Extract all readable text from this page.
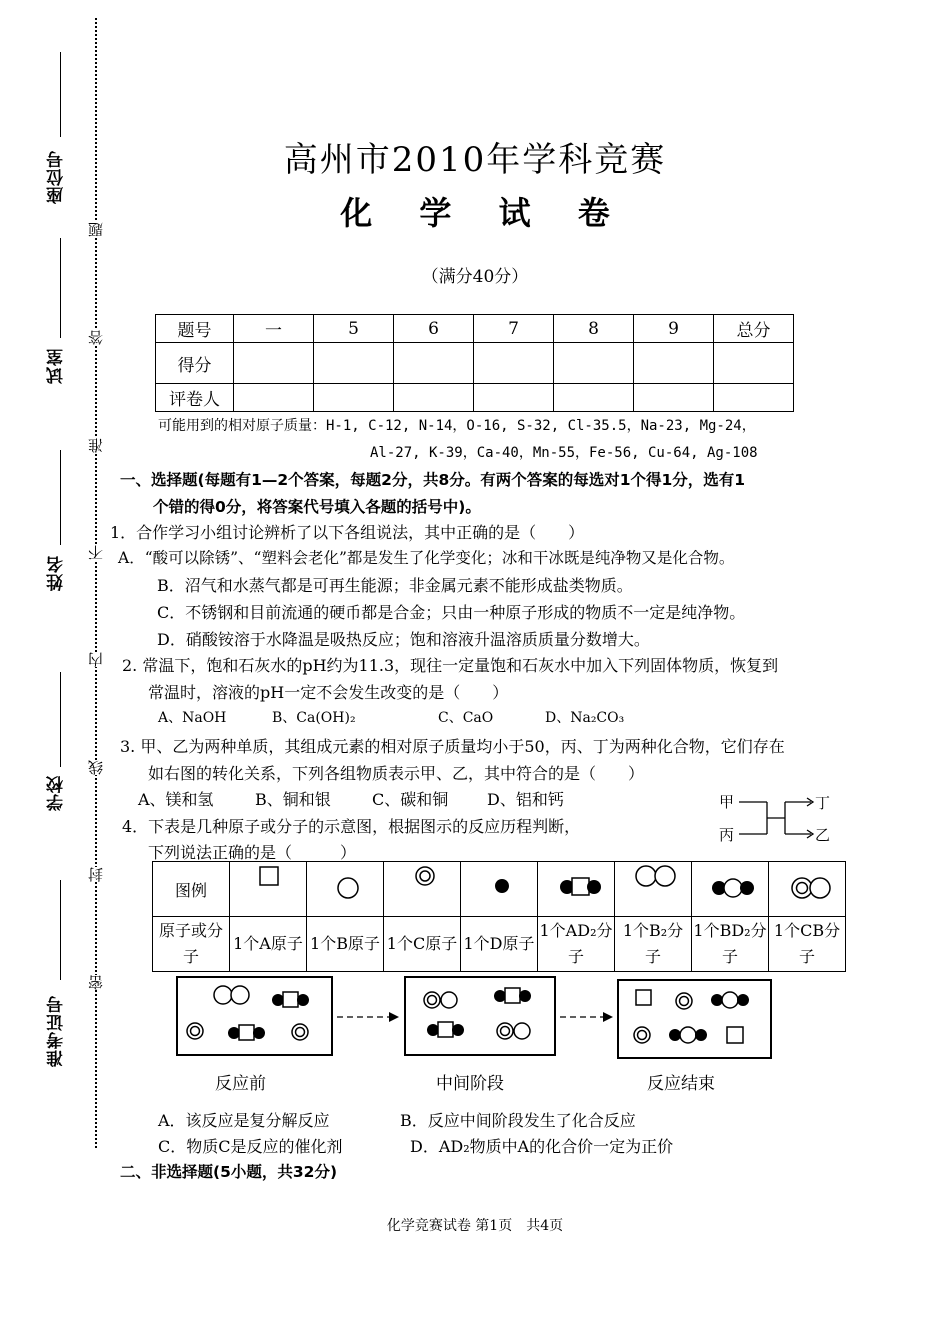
座位号
试室
姓名
学校
准考证号
题
答
准
不
内
线
封
密
高州市2010年学科竞赛
化 学 试 卷
（满分40分）
题号	一	5	6	7	8	9	总分
得分							
评卷人							
可能用到的相对原子质量：H-1, C-12, N-14，O-16, S-32, Cl-35.5，Na-23, Mg-24，
Al-27, K-39，Ca-40，Mn-55，Fe-56, Cu-64, Ag-108
一、选择题(每题有1—2个答案，每题2分，共8分。有两个答案的每选对1个得1分，选有1
个错的得0分，将答案代号填入各题的括号中)。
1．合作学习小组讨论辨析了以下各组说法，其中正确的是（　　）
A．“酸可以除锈”、“塑料会老化”都是发生了化学变化；冰和干冰既是纯净物又是化合物。
B．沼气和水蒸气都是可再生能源；非金属元素不能形成盐类物质。
C．不锈钢和目前流通的硬币都是合金；只由一种原子形成的物质不一定是纯净物。
D．硝酸铵溶于水降温是吸热反应；饱和溶液升温溶质质量分数增大。
2. 常温下，饱和石灰水的pH约为11.3，现往一定量饱和石灰水中加入下列固体物质，恢复到
常温时，溶液的pH一定不会发生改变的是（　　）
A、NaOH	B、Ca(OH)₂	C、CaO	D、Na₂CO₃
3. 甲、乙为两种单质，其组成元素的相对原子质量均小于50，丙、丁为两种化合物，它们存在
如右图的转化关系，下列各组物质表示甲、乙，其中符合的是（　　）
A、镁和氢	B、铜和银	C、碳和铜 D、铝和钙	甲
丙
丁
乙
4．下表是几种原子或分子的示意图，根据图示的反应历程判断，
下列说法正确的是（　　　）
图例								
原子或分子	1个A原子	1个B原子	1个C原子	1个D原子	1个AD₂分子	1个B₂分子	1个BD₂分子	1个CB分子
反应前	中间阶段	反应结束
A．该反应是复分解反应	B．反应中间阶段发生了化合反应
C．物质C是反应的催化剂	D．AD₂物质中A的化合价一定为正价
二、非选择题(5小题，共32分)
化学竞赛试卷 第1页　共4页
